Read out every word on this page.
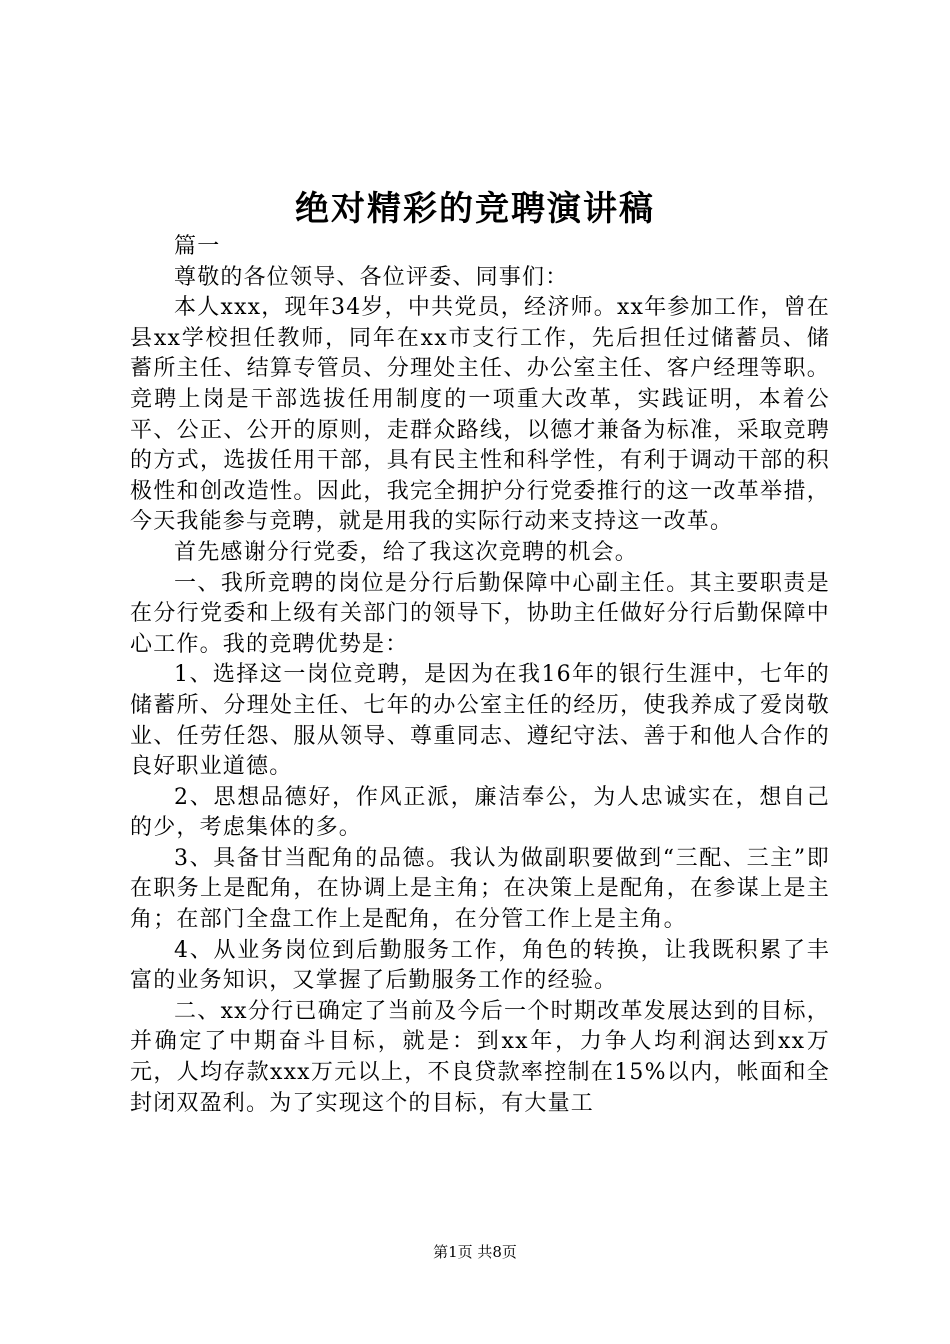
绝对精彩的竞聘演讲稿

篇一

尊敬的各位领导、各位评委、同事们：

本人xxx，现年34岁，中共党员，经济师。xx年参加工作，曾在县xx学校担任教师，同年在xx市支行工作，先后担任过储蓄员、储蓄所主任、结算专管员、分理处主任、办公室主任、客户经理等职。竞聘上岗是干部选拔任用制度的一项重大改革，实践证明，本着公平、公正、公开的原则，走群众路线，以德才兼备为标准，采取竞聘的方式，选拔任用干部，具有民主性和科学性，有利于调动干部的积极性和创改造性。因此，我完全拥护分行党委推行的这一改革举措，今天我能参与竞聘，就是用我的实际行动来支持这一改革。

首先感谢分行党委，给了我这次竞聘的机会。

一、我所竞聘的岗位是分行后勤保障中心副主任。其主要职责是在分行党委和上级有关部门的领导下，协助主任做好分行后勤保障中心工作。我的竞聘优势是：

1、选择这一岗位竞聘，是因为在我16年的银行生涯中，七年的储蓄所、分理处主任、七年的办公室主任的经历，使我养成了爱岗敬业、任劳任怨、服从领导、尊重同志、遵纪守法、善于和他人合作的良好职业道德。

2、思想品德好，作风正派，廉洁奉公，为人忠诚实在，想自己的少，考虑集体的多。

3、具备甘当配角的品德。我认为做副职要做到“三配、三主”即在职务上是配角，在协调上是主角；在决策上是配角，在参谋上是主角；在部门全盘工作上是配角，在分管工作上是主角。

4、从业务岗位到后勤服务工作，角色的转换，让我既积累了丰富的业务知识，又掌握了后勤服务工作的经验。

二、xx分行已确定了当前及今后一个时期改革发展达到的目标，并确定了中期奋斗目标，就是：到xx年，力争人均利润达到xx万元，人均存款xxx万元以上，不良贷款率控制在15%以内，帐面和全封闭双盈利。为了实现这个的目标，有大量工

第1页 共8页
